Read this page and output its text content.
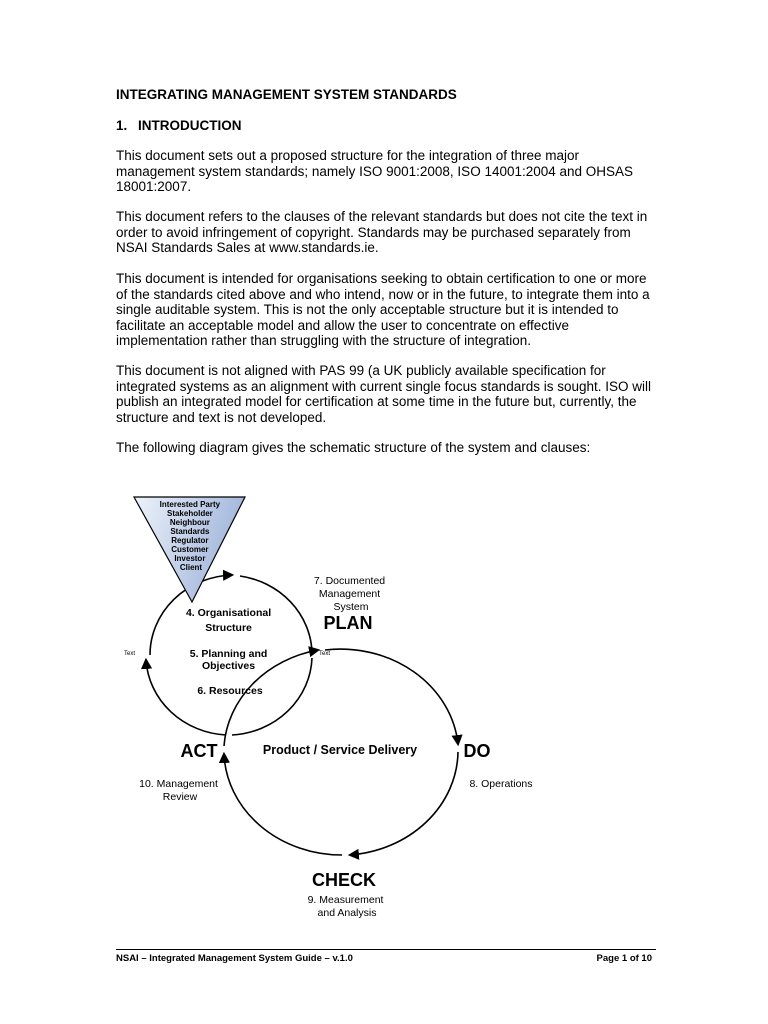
INTEGRATING MANAGEMENT SYSTEM STANDARDS
1. INTRODUCTION

This document sets out a proposed structure for the integration of three major management system standards; namely ISO 9001:2008, ISO 14001:2004 and OHSAS 18001:2007.

This document refers to the clauses of the relevant standards but does not cite the text in order to avoid infringement of copyright. Standards may be purchased separately from NSAI Standards Sales at www.standards.ie.

This document is intended for organisations seeking to obtain certification to one or more of the standards cited above and who intend, now or in the future, to integrate them into a single auditable system. This is not the only acceptable structure but it is intended to facilitate an acceptable model and allow the user to concentrate on effective implementation rather than struggling with the structure of integration.

This document is not aligned with PAS 99 (a UK publicly available specification for integrated systems as an alignment with current single focus standards is sought. ISO will publish an integrated model for certification at some time in the future but, currently, the structure and text is not developed.

The following diagram gives the schematic structure of the system and clauses:

Interested Party Stakeholder Neighbour Standards Regulator Customer Investor Client
4. Organisational Structure 5. Planning and Objectives 6. Resources
Text	Text
7. Documented Management System
PLAN
ACT	DO
CHECK
Product / Service Delivery
10. Management Review
8. Operations
9. Measurement and Analysis
NSAI – Integrated Management System Guide – v.1.0	Page 1 of 10
